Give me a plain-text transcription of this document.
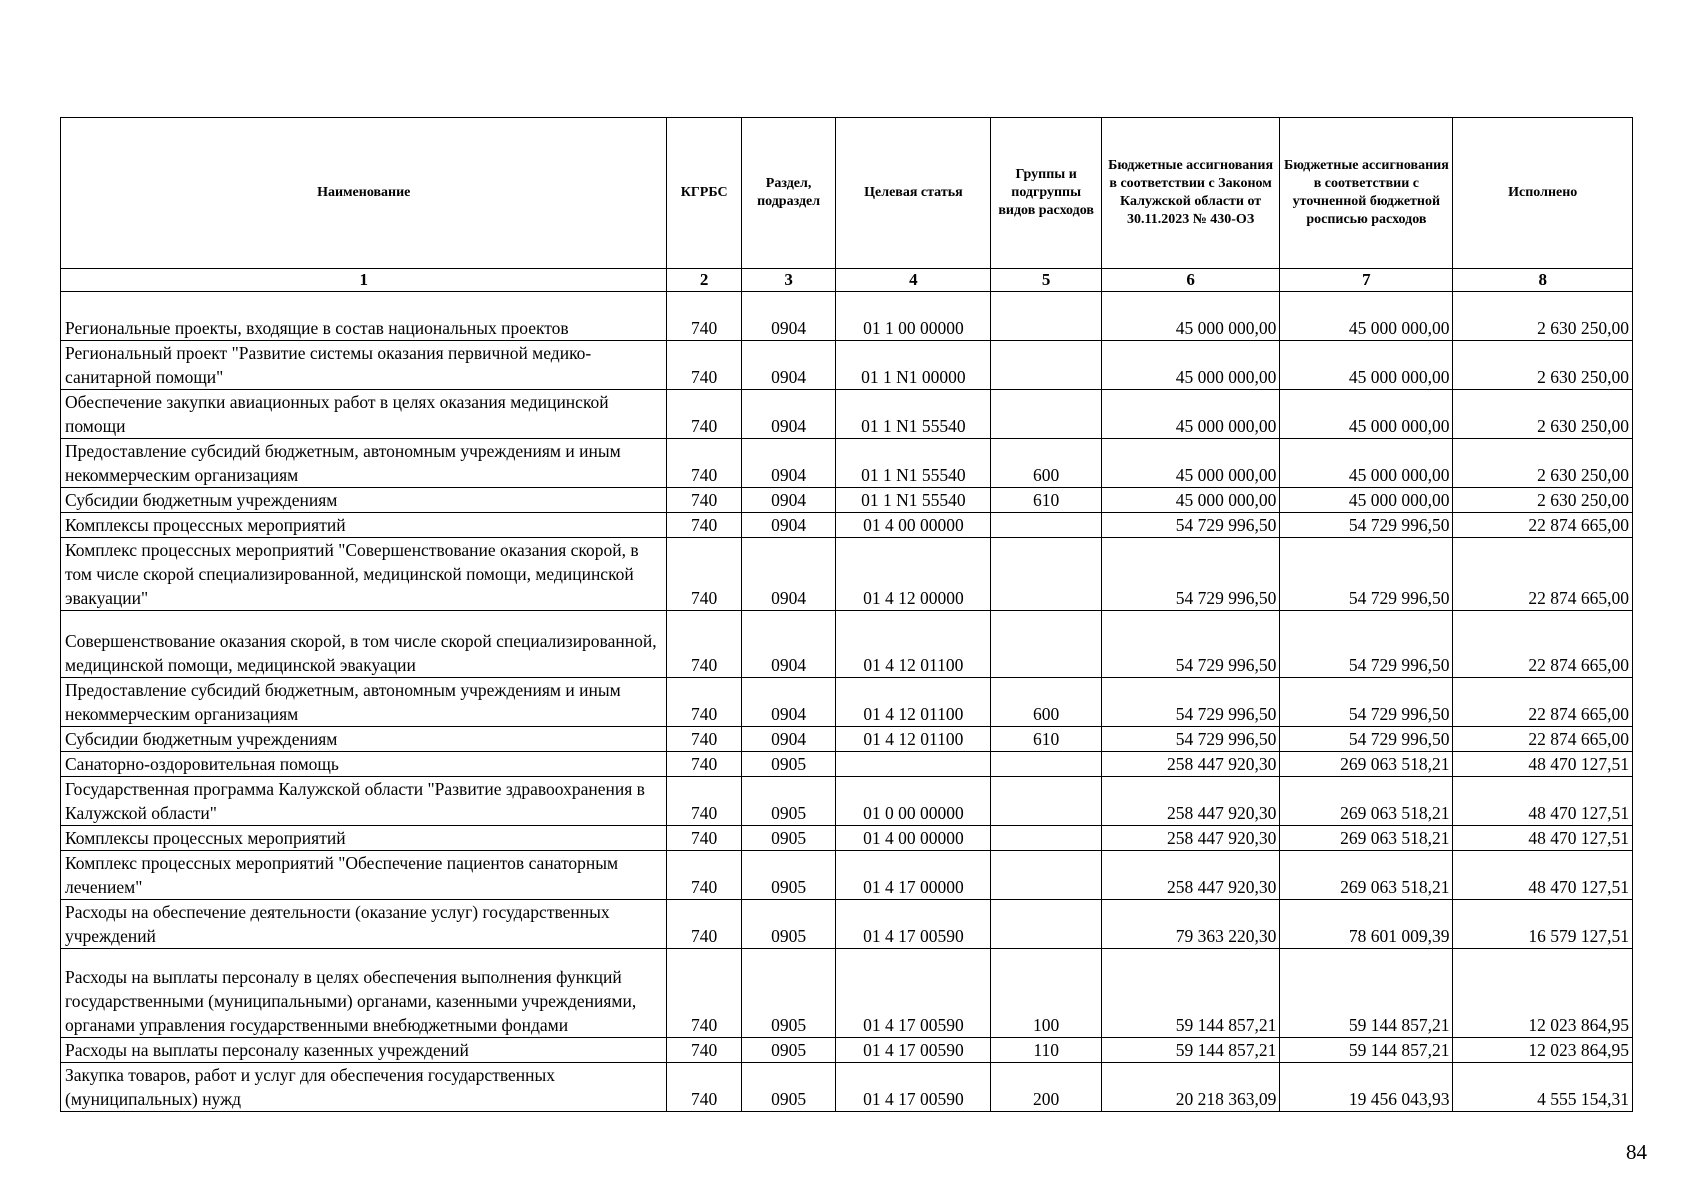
Наименование	КГРБС	Раздел, подраздел	Целевая статья	Группы и подгруппы видов расходов	Бюджетные ассигнования в соответствии с Законом Калужской области от 30.11.2023 № 430-ОЗ	Бюджетные ассигнования в соответствии с уточненной бюджетной росписью расходов	Исполнено
1	2	3	4	5	6	7	8
Региональные проекты, входящие в состав национальных проектов	740	0904	01 1 00 00000		45 000 000,00	45 000 000,00	2 630 250,00
Региональный проект "Развитие системы оказания первичной медико-санитарной помощи"	740	0904	01 1 N1 00000		45 000 000,00	45 000 000,00	2 630 250,00
Обеспечение закупки авиационных работ в целях оказания медицинской помощи	740	0904	01 1 N1 55540		45 000 000,00	45 000 000,00	2 630 250,00
Предоставление субсидий бюджетным, автономным учреждениям и иным некоммерческим организациям	740	0904	01 1 N1 55540	600	45 000 000,00	45 000 000,00	2 630 250,00
Субсидии бюджетным учреждениям	740	0904	01 1 N1 55540	610	45 000 000,00	45 000 000,00	2 630 250,00
Комплексы процессных мероприятий	740	0904	01 4 00 00000		54 729 996,50	54 729 996,50	22 874 665,00
Комплекс процессных мероприятий "Совершенствование оказания скорой, в том числе скорой специализированной, медицинской помощи, медицинской эвакуации"	740	0904	01 4 12 00000		54 729 996,50	54 729 996,50	22 874 665,00
Совершенствование оказания скорой, в том числе скорой специализированной, медицинской помощи, медицинской эвакуации	740	0904	01 4 12 01100		54 729 996,50	54 729 996,50	22 874 665,00
Предоставление субсидий бюджетным, автономным учреждениям и иным некоммерческим организациям	740	0904	01 4 12 01100	600	54 729 996,50	54 729 996,50	22 874 665,00
Субсидии бюджетным учреждениям	740	0904	01 4 12 01100	610	54 729 996,50	54 729 996,50	22 874 665,00
Санаторно-оздоровительная помощь	740	0905			258 447 920,30	269 063 518,21	48 470 127,51
Государственная программа Калужской области "Развитие здравоохранения в Калужской области"	740	0905	01 0 00 00000		258 447 920,30	269 063 518,21	48 470 127,51
Комплексы процессных мероприятий	740	0905	01 4 00 00000		258 447 920,30	269 063 518,21	48 470 127,51
Комплекс процессных мероприятий "Обеспечение пациентов санаторным лечением"	740	0905	01 4 17 00000		258 447 920,30	269 063 518,21	48 470 127,51
Расходы на обеспечение деятельности (оказание услуг) государственных учреждений	740	0905	01 4 17 00590		79 363 220,30	78 601 009,39	16 579 127,51
Расходы на выплаты персоналу в целях обеспечения выполнения функций государственными (муниципальными) органами, казенными учреждениями, органами управления государственными внебюджетными фондами	740	0905	01 4 17 00590	100	59 144 857,21	59 144 857,21	12 023 864,95
Расходы на выплаты персоналу казенных учреждений	740	0905	01 4 17 00590	110	59 144 857,21	59 144 857,21	12 023 864,95
Закупка товаров, работ и услуг для обеспечения государственных (муниципальных) нужд	740	0905	01 4 17 00590	200	20 218 363,09	19 456 043,93	4 555 154,31
84
